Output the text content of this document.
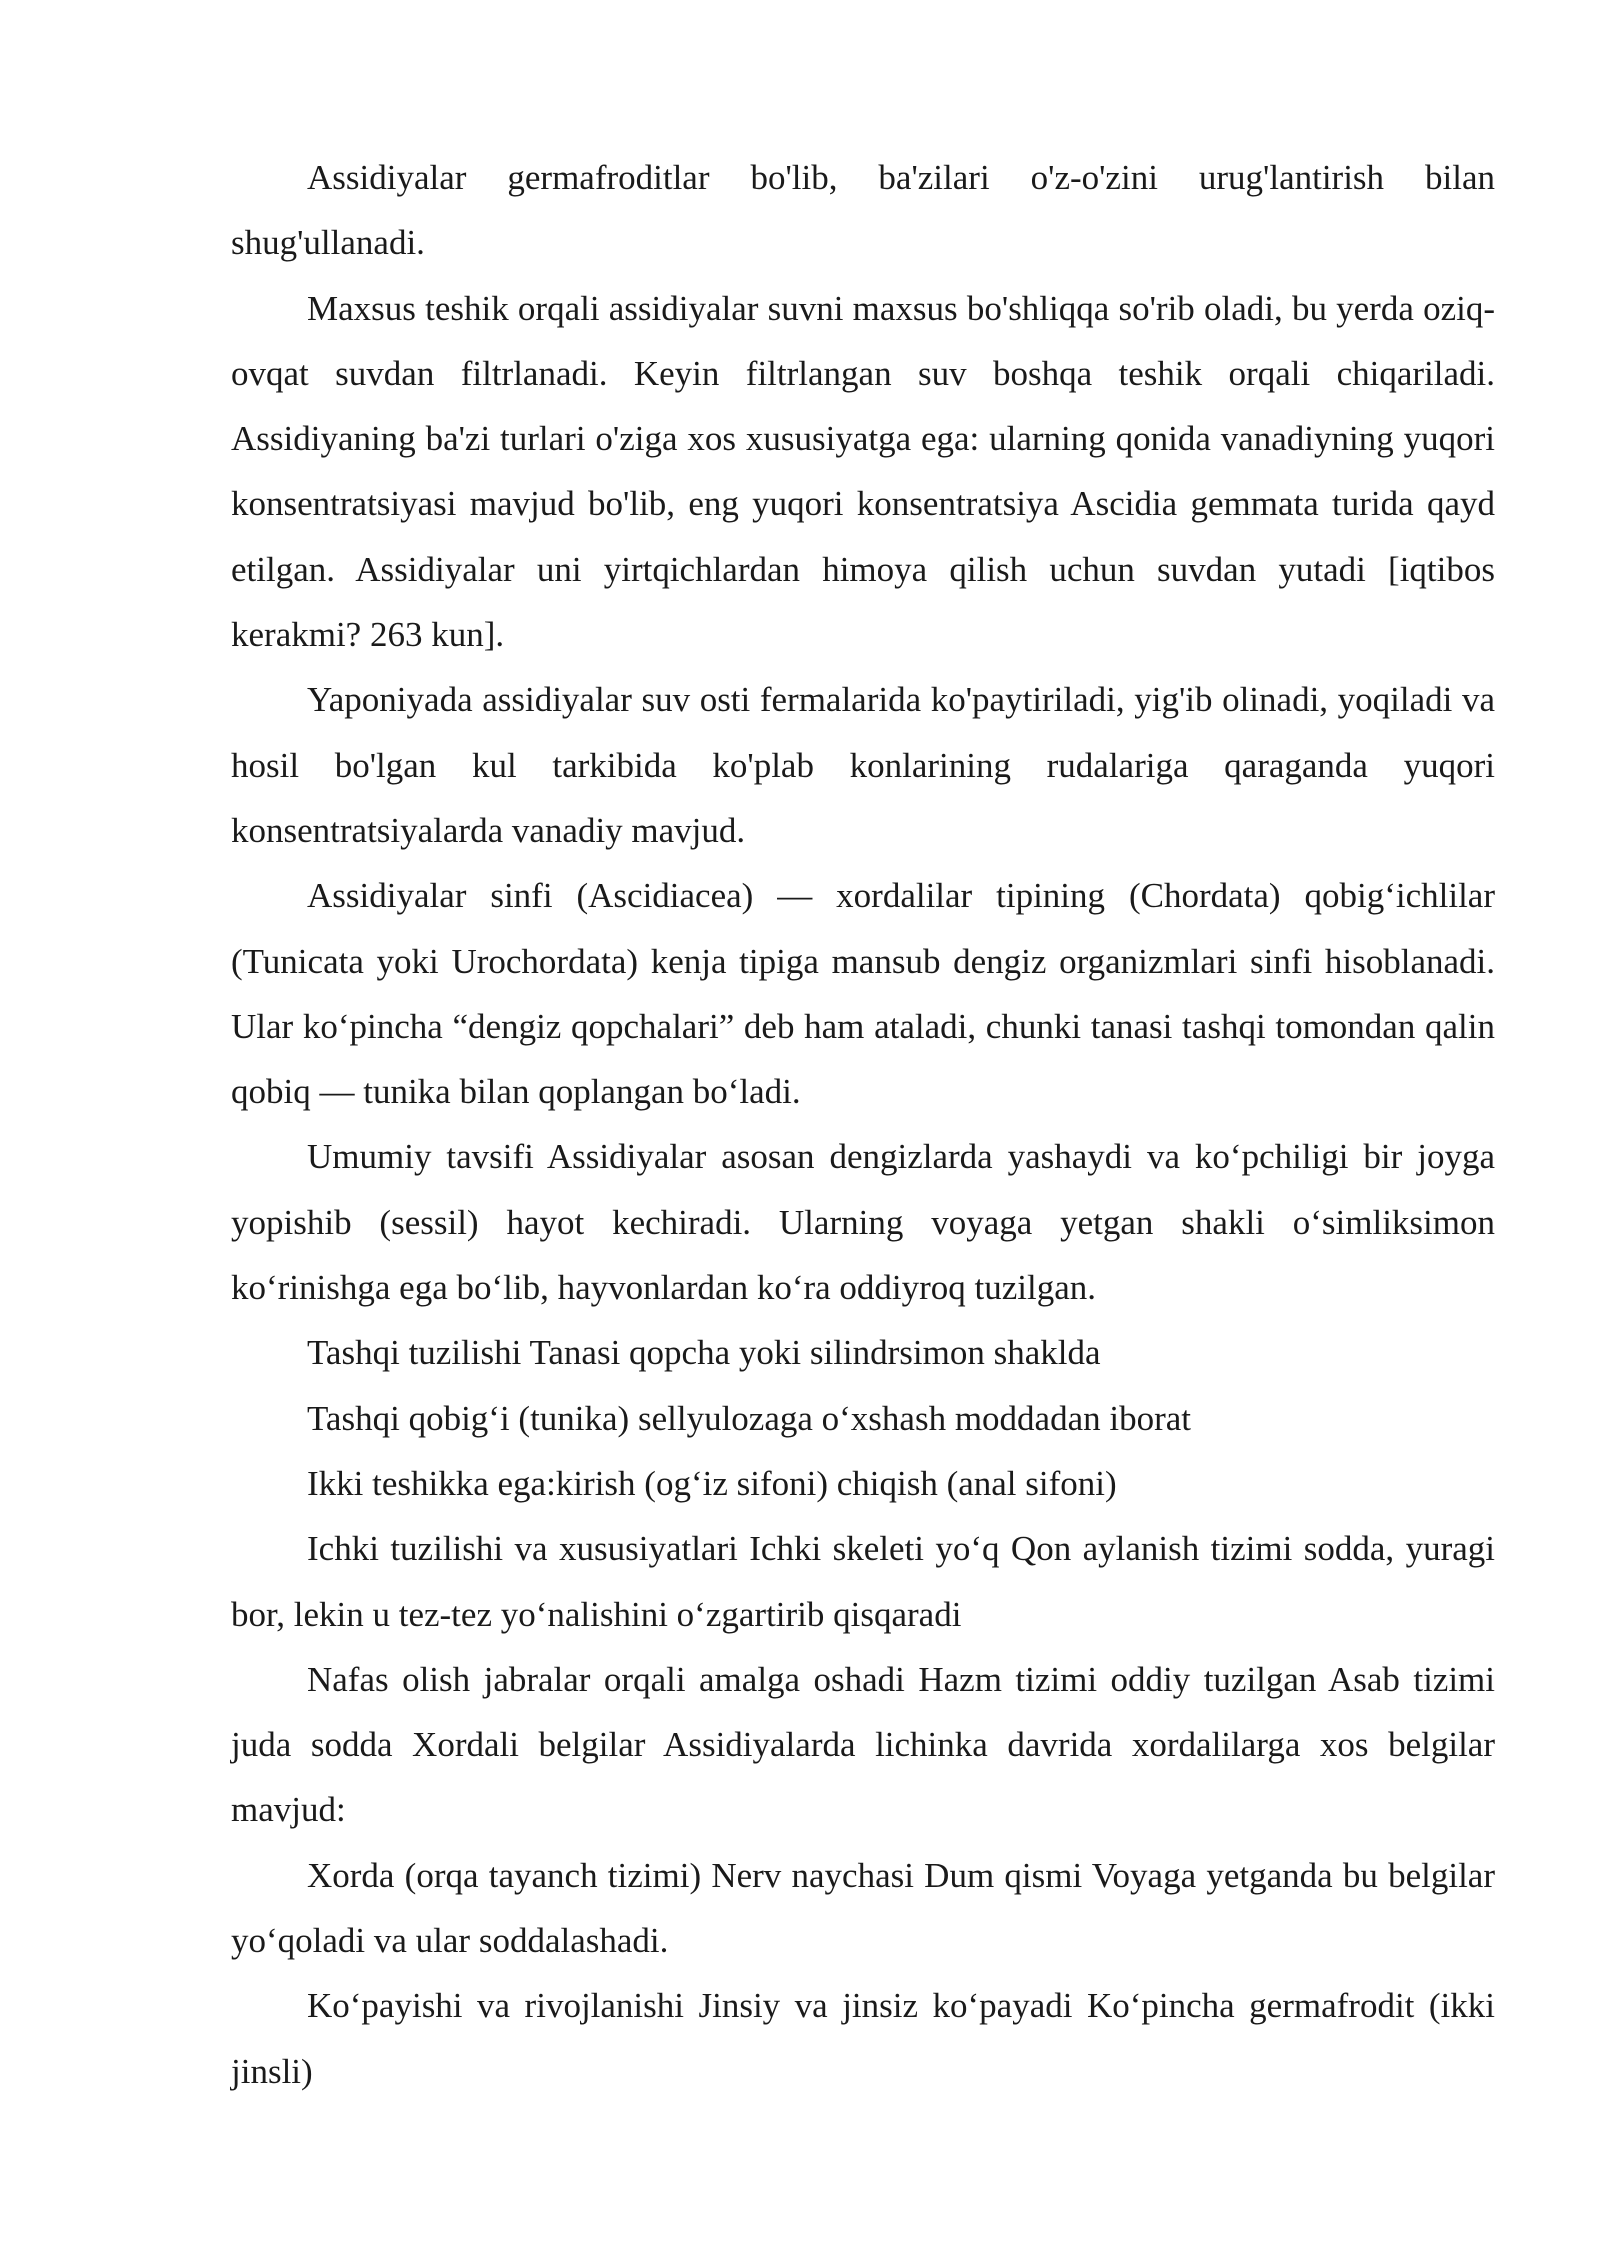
Assidiyalar germafroditlar bo'lib, ba'zilari o'z-o'zini urug'lantirish bilan shug'ullanadi.

Maxsus teshik orqali assidiyalar suvni maxsus bo'shliqqa so'rib oladi, bu yerda oziq-ovqat suvdan filtrlanadi. Keyin filtrlangan suv boshqa teshik orqali chiqariladi. Assidiyaning ba'zi turlari o'ziga xos xususiyatga ega: ularning qonida vanadiyning yuqori konsentratsiyasi mavjud bo'lib, eng yuqori konsentratsiya Ascidia gemmata turida qayd etilgan. Assidiyalar uni yirtqichlardan himoya qilish uchun suvdan yutadi [iqtibos kerakmi? 263 kun].

Yaponiyada assidiyalar suv osti fermalarida ko'paytiriladi, yig'ib olinadi, yoqiladi va hosil bo'lgan kul tarkibida ko'plab konlarining rudalariga qaraganda yuqori konsentratsiyalarda vanadiy mavjud.

Assidiyalar sinfi (Ascidiacea) — xordalilar tipining (Chordata) qobig‘ichlilar (Tunicata yoki Urochordata) kenja tipiga mansub dengiz organizmlari sinfi hisoblanadi. Ular ko‘pincha “dengiz qopchalari” deb ham ataladi, chunki tanasi tashqi tomondan qalin qobiq — tunika bilan qoplangan bo‘ladi.

Umumiy tavsifi Assidiyalar asosan dengizlarda yashaydi va ko‘pchiligi bir joyga yopishib (sessil) hayot kechiradi. Ularning voyaga yetgan shakli o‘simliksimon ko‘rinishga ega bo‘lib, hayvonlardan ko‘ra oddiyroq tuzilgan.

Tashqi tuzilishi Tanasi qopcha yoki silindrsimon shaklda

Tashqi qobig‘i (tunika) sellyulozaga o‘xshash moddadan iborat

Ikki teshikka ega:kirish (og‘iz sifoni) chiqish (anal sifoni)

Ichki tuzilishi va xususiyatlari Ichki skeleti yo‘q Qon aylanish tizimi sodda, yuragi bor, lekin u tez-tez yo‘nalishini o‘zgartirib qisqaradi

Nafas olish jabralar orqali amalga oshadi Hazm tizimi oddiy tuzilgan Asab tizimi juda sodda Xordali belgilar Assidiyalarda lichinka davrida xordalilarga xos belgilar mavjud:

Xorda (orqa tayanch tizimi) Nerv naychasi Dum qismi Voyaga yetganda bu belgilar yo‘qoladi va ular soddalashadi.

Ko‘payishi va rivojlanishi Jinsiy va jinsiz ko‘payadi Ko‘pincha germafrodit (ikki jinsli)
